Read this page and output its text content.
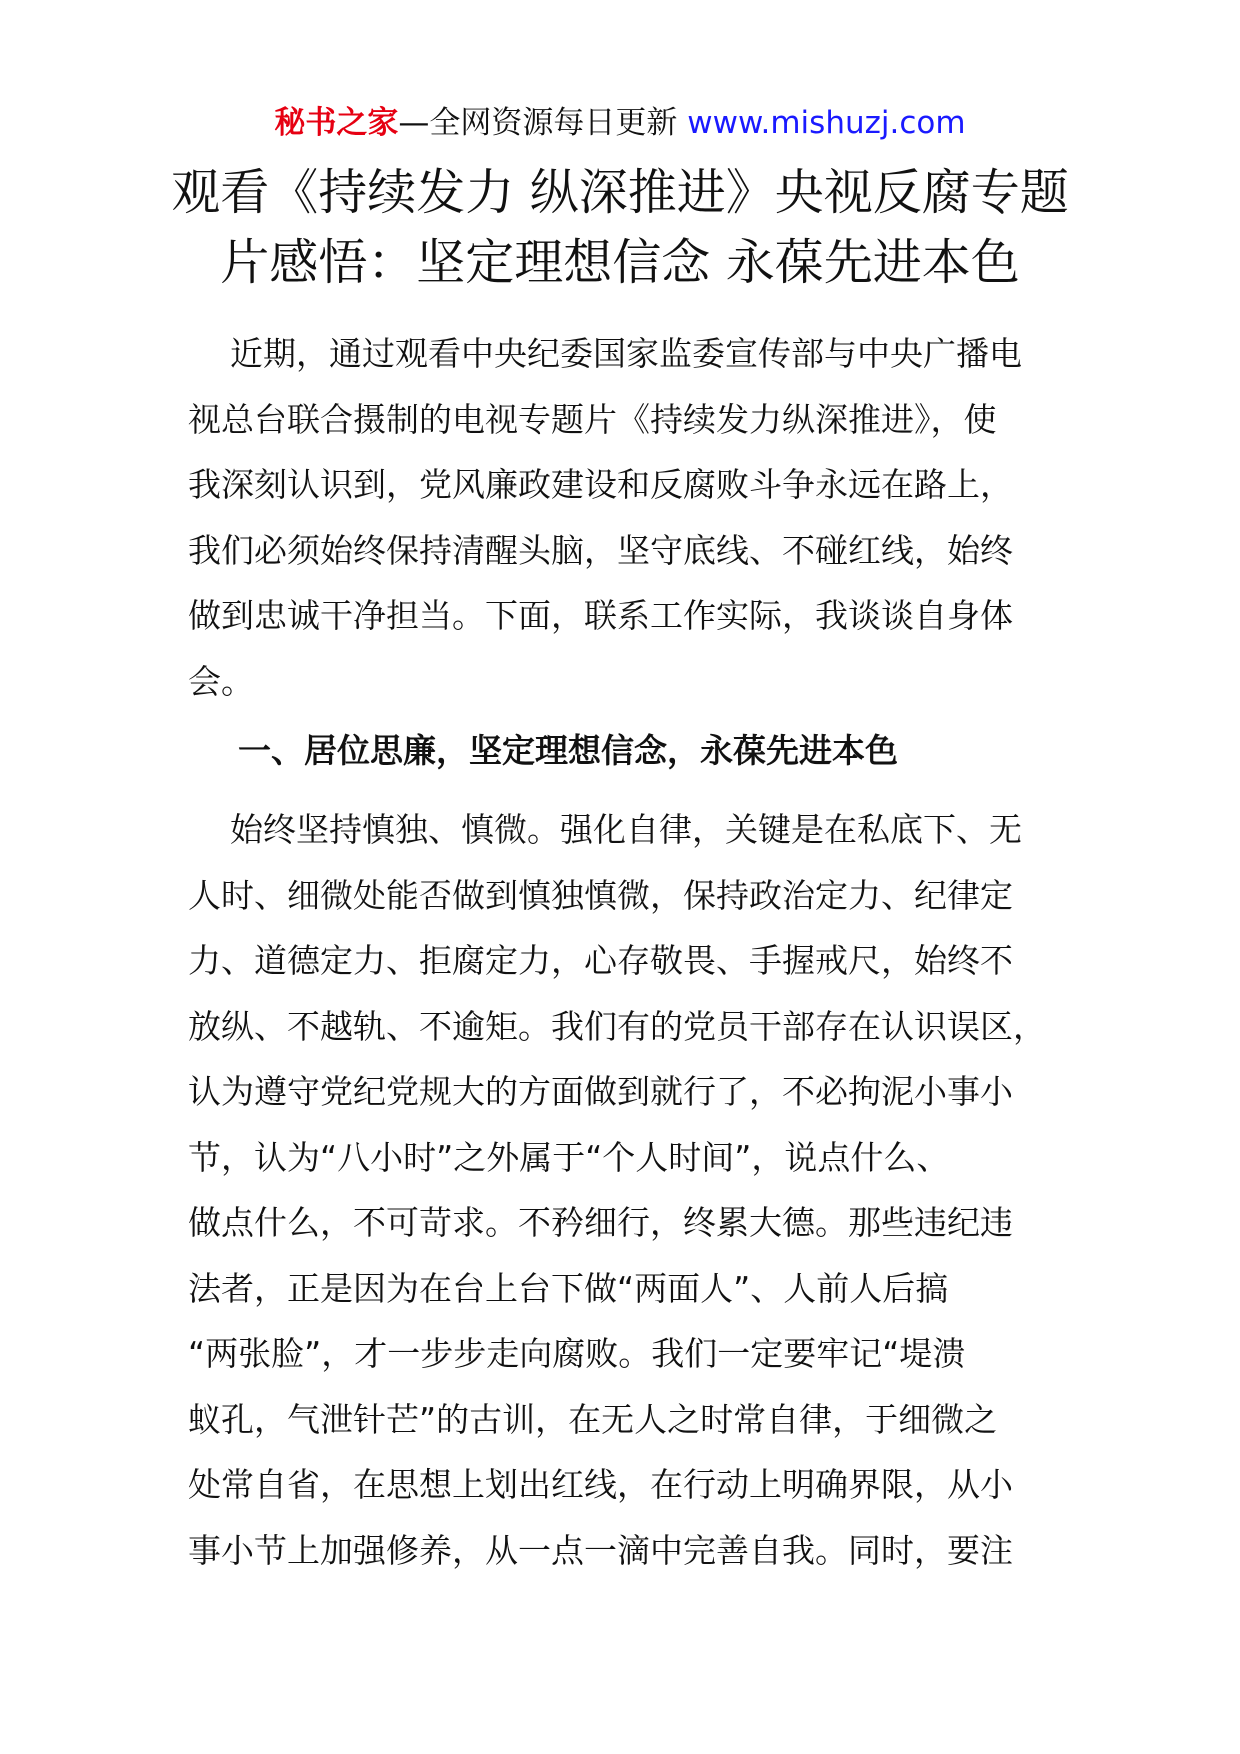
秘书之家—全网资源每日更新 www.mishuzj.com
观看《持续发力 纵深推进》央视反腐专题
片感悟：坚定理想信念 永葆先进本色
近期，通过观看中央纪委国家监委宣传部与中央广播电
视总台联合摄制的电视专题片《持续发力纵深推进》，使
我深刻认识到，党风廉政建设和反腐败斗争永远在路上，
我们必须始终保持清醒头脑，坚守底线、不碰红线，始终
做到忠诚干净担当。下面，联系工作实际，我谈谈自身体
会。
一、居位思廉，坚定理想信念，永葆先进本色
始终坚持慎独、慎微。强化自律，关键是在私底下、无
人时、细微处能否做到慎独慎微，保持政治定力、纪律定
力、道德定力、拒腐定力，心存敬畏、手握戒尺，始终不
放纵、不越轨、不逾矩。我们有的党员干部存在认识误区，
认为遵守党纪党规大的方面做到就行了，不必拘泥小事小
节，认为“八小时”之外属于“个人时间”，说点什么、
做点什么，不可苛求。不矜细行，终累大德。那些违纪违
法者，正是因为在台上台下做“两面人”、人前人后搞
“两张脸”，才一步步走向腐败。我们一定要牢记“堤溃
蚁孔，气泄针芒”的古训，在无人之时常自律，于细微之
处常自省，在思想上划出红线，在行动上明确界限，从小
事小节上加强修养，从一点一滴中完善自我。同时，要注
